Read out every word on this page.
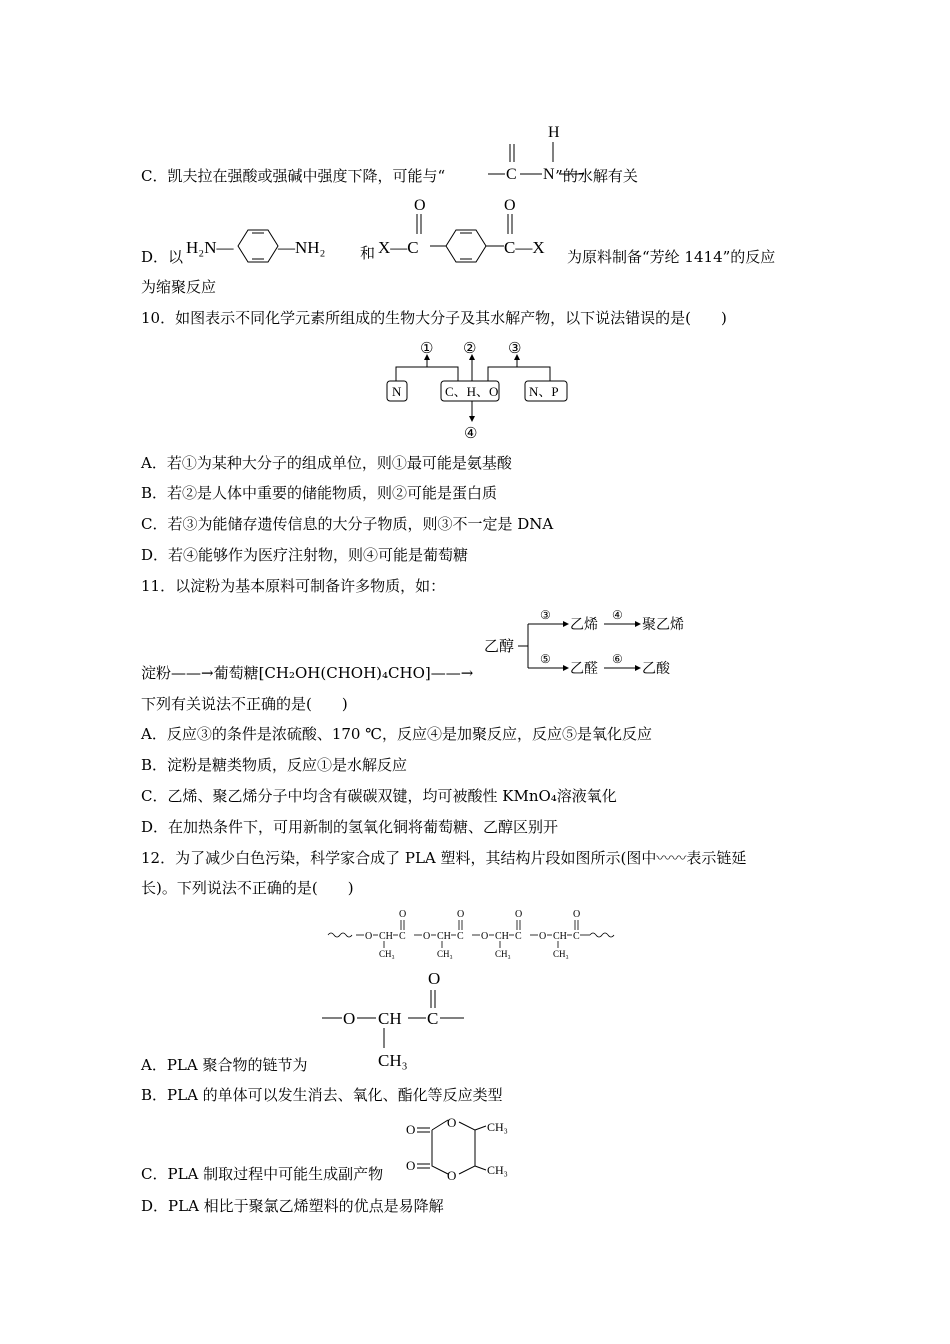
C．凯夫拉在强酸或强碱中强度下降，可能与“	”的水解有关
H
C N
D．以 H₂N—	—NH₂ 和 X—C
O	O
C—X 为原料制备“芳纶 1414”的反应
为缩聚反应
10．如图表示不同化学元素所组成的生物大分子及其水解产物，以下说法错误的是(　　)
① ② ③
N	C、H、O N、P
④
A．若①为某种大分子的组成单位，则①最可能是氨基酸
B．若②是人体中重要的储能物质，则②可能是蛋白质
C．若③为能储存遗传信息的大分子物质，则③不一定是 DNA
D．若④能够作为医疗注射物，则④可能是葡萄糖
11．以淀粉为基本原料可制备许多物质，如：
乙醇
③
⑤
乙烯
乙醛
④
⑥
聚乙烯
乙酸
淀粉——→葡萄糖[CH₂OH(CHOH)₄CHO]——→
下列有关说法不正确的是(　　)
A．反应③的条件是浓硫酸、170 ℃，反应④是加聚反应，反应⑤是氧化反应
B．淀粉是糖类物质，反应①是水解反应
C．乙烯、聚乙烯分子中均含有碳碳双键，均可被酸性 KMnO₄溶液氧化
D．在加热条件下，可用新制的氢氧化铜将葡萄糖、乙醇区别开
12．为了减少白色污染，科学家合成了 PLA 塑料，其结构片段如图所示(图中〰〰表示链延
长)。下列说法不正确的是(　　)
O CH
CH₃
C
O
O CH
CH₃
C
O
O CH
CH₃
C
O
O CH
CH₃
C
O
O
O CH C
CH₃
A．PLA 聚合物的链节为
B．PLA 的单体可以发生消去、氧化、酯化等反应类型
O
O
O
O
CH₃
CH₃
C．PLA 制取过程中可能生成副产物
D．PLA 相比于聚氯乙烯塑料的优点是易降解
